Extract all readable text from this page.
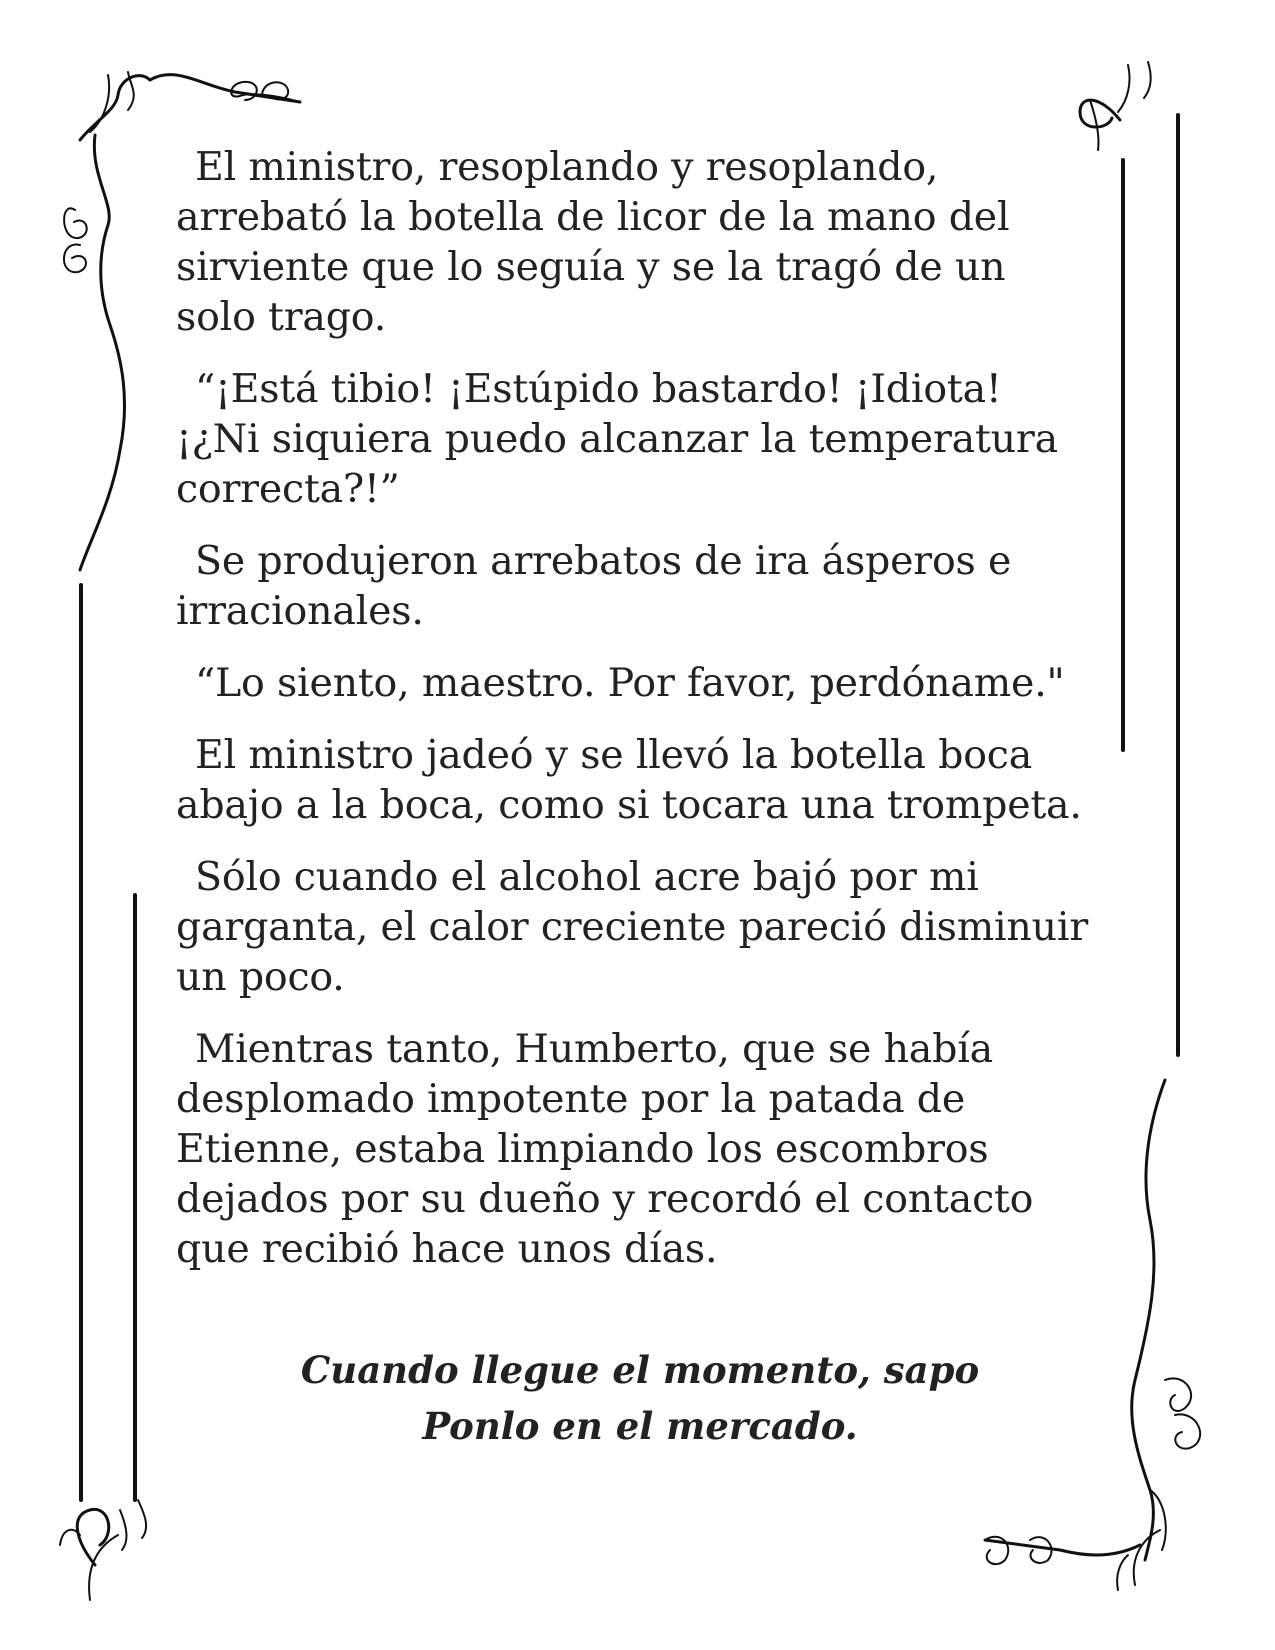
El ministro, resoplando y resoplando, arrebató la botella de licor de la mano del sirviente que lo seguía y se la tragó de un solo trago.

“¡Está tibio! ¡Estúpido bastardo! ¡Idiota! ¡¿Ni siquiera puedo alcanzar la temperatura correcta?!”

Se produjeron arrebatos de ira ásperos e irracionales.

“Lo siento, maestro. Por favor, perdóname."

El ministro jadeó y se llevó la botella boca abajo a la boca, como si tocara una trompeta.

Sólo cuando el alcohol acre bajó por mi garganta, el calor creciente pareció disminuir un poco.

Mientras tanto, Humberto, que se había desplomado impotente por la patada de Etienne, estaba limpiando los escombros dejados por su dueño y recordó el contacto que recibió hace unos días.

Cuando llegue el momento, sapo
Ponlo en el mercado.
